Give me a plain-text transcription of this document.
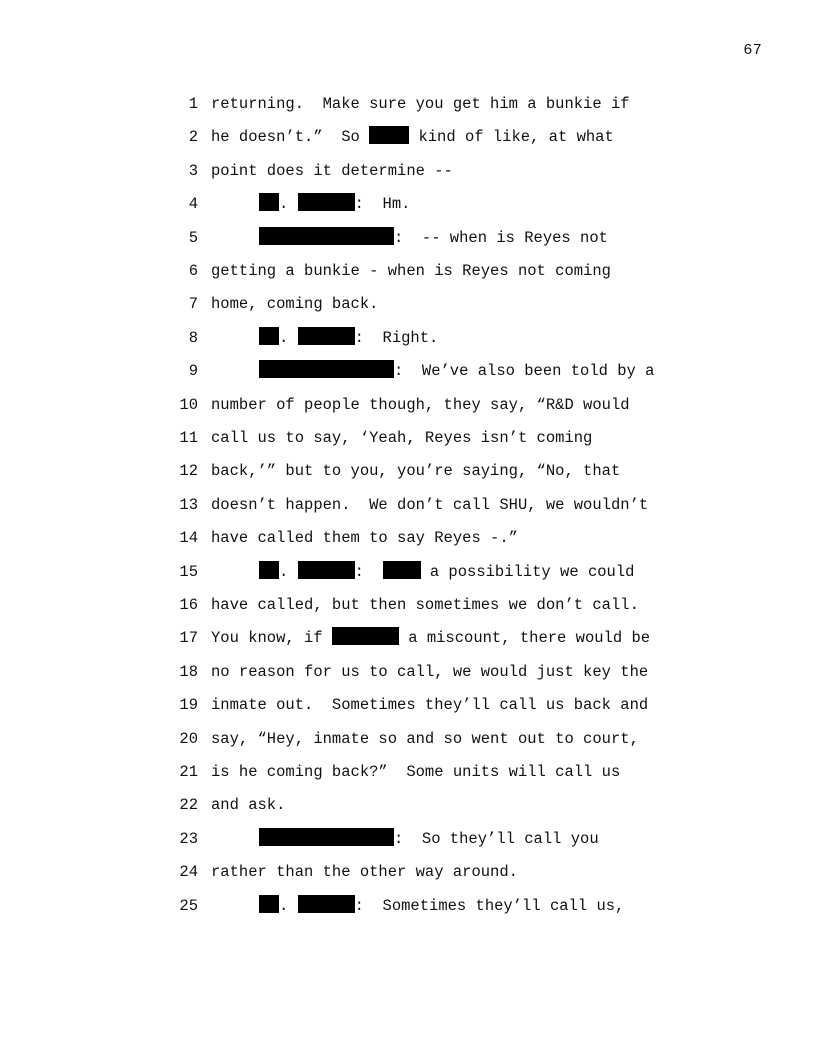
67
1 returning.  Make sure you get him a bunkie if
2 he doesn’t.”  So	kind of like, at what
3 point does it determine --
4	.	:  Hm.
5	:  -- when is Reyes not
6 getting a bunkie - when is Reyes not coming
7 home, coming back.
8	.	:  Right.
9	:  We’ve also been told by a
10 number of people though, they say, “R&D would
11 call us to say, ‘Yeah, Reyes isn’t coming
12 back,’” but to you, you’re saying, “No, that
13 doesn’t happen.  We don’t call SHU, we wouldn’t
14 have called them to say Reyes -.”
15	.	:   a possibility we could
16 have called, but then sometimes we don’t call.
17 You know, if	a miscount, there would be
18 no reason for us to call, we would just key the
19 inmate out.  Sometimes they’ll call us back and
20 say, “Hey, inmate so and so went out to court,
21 is he coming back?”  Some units will call us
22 and ask.
23	:  So they’ll call you
24 rather than the other way around.
25	.	:  Sometimes they’ll call us,
